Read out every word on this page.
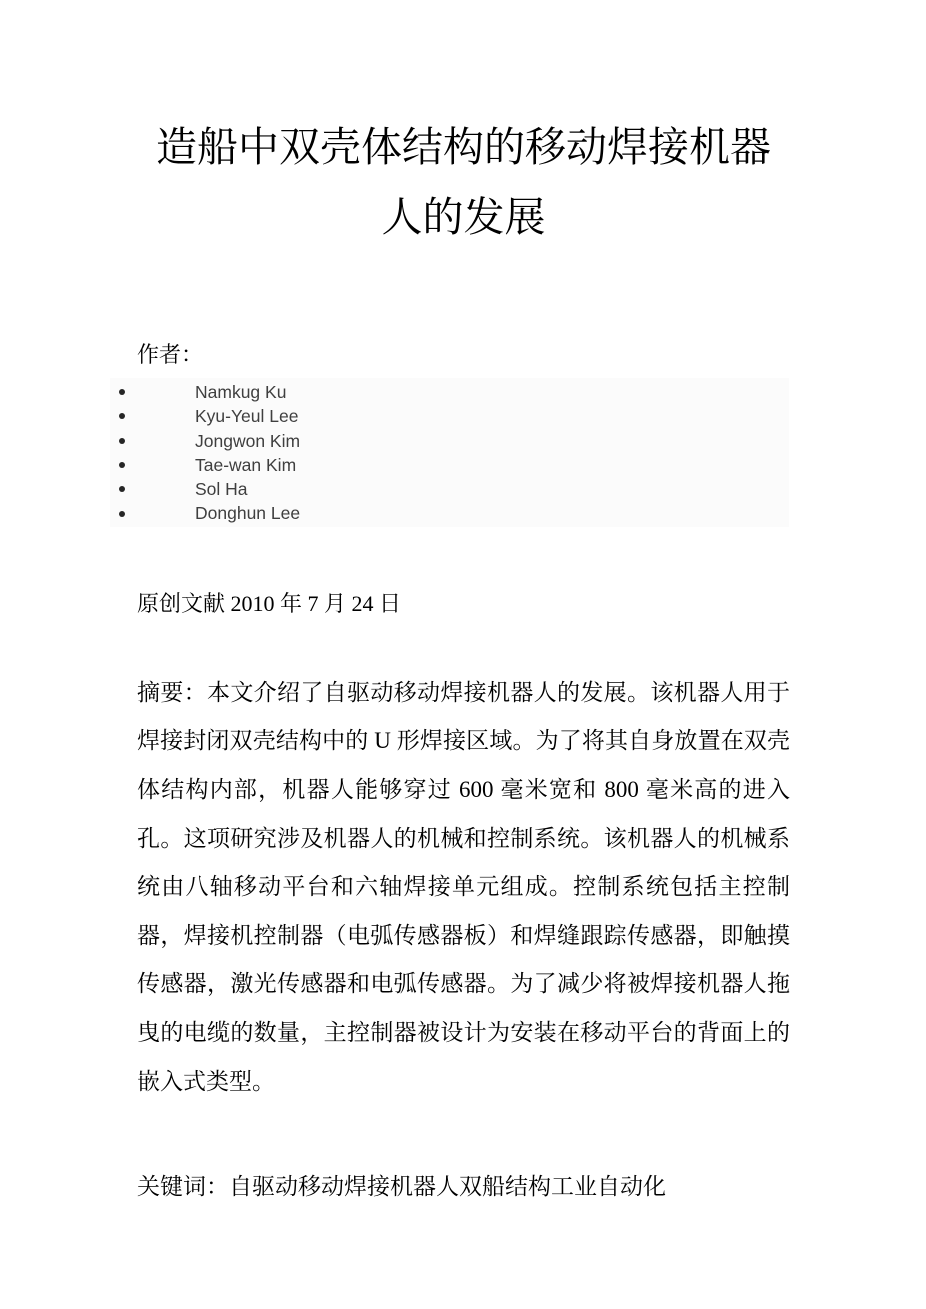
造船中双壳体结构的移动焊接机器
人的发展

作者：

Namkug Ku
Kyu-Yeul Lee
Jongwon Kim
Tae-wan Kim
Sol Ha
Donghun Lee

原创文献 2010 年 7 月 24 日

摘要：本文介绍了自驱动移动焊接机器人的发展。该机器人用于焊接封闭双壳结构中的 U 形焊接区域。为了将其自身放置在双壳体结构内部，机器人能够穿过 600 毫米宽和 800 毫米高的进入孔。这项研究涉及机器人的机械和控制系统。该机器人的机械系统由八轴移动平台和六轴焊接单元组成。控制系统包括主控制器，焊接机控制器（电弧传感器板）和焊缝跟踪传感器，即触摸传感器，激光传感器和电弧传感器。为了减少将被焊接机器人拖曳的电缆的数量，主控制器被设计为安装在移动平台的背面上的嵌入式类型。

关键词：自驱动移动焊接机器人双船结构工业自动化
